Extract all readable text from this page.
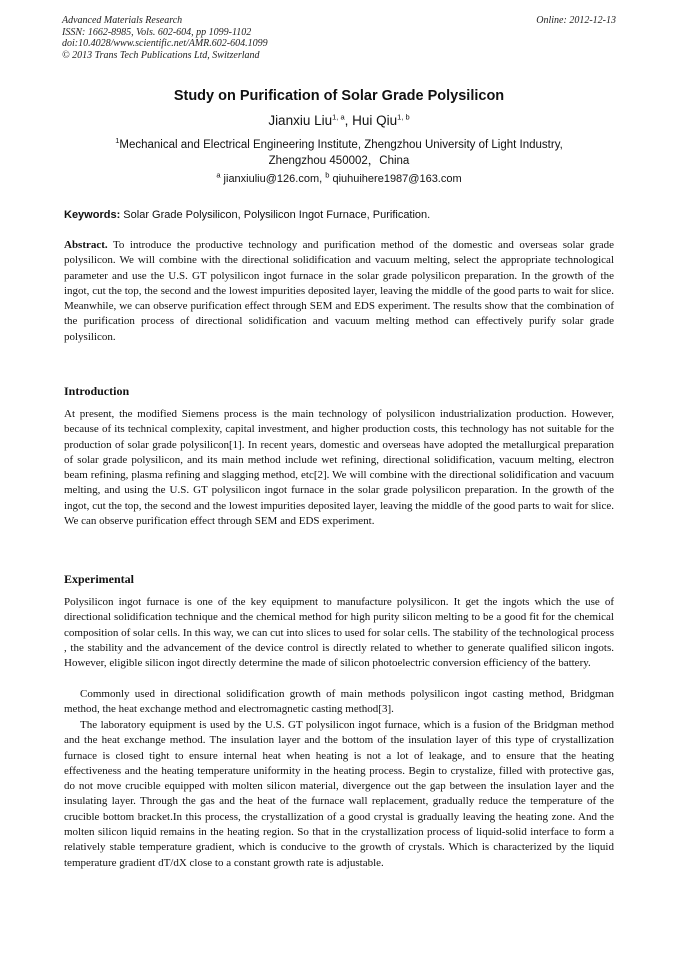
Advanced Materials Research
ISSN: 1662-8985, Vols. 602-604, pp 1099-1102
doi:10.4028/www.scientific.net/AMR.602-604.1099
© 2013 Trans Tech Publications Ltd, Switzerland
Online: 2012-12-13
Study on Purification of Solar Grade Polysilicon
Jianxiu Liu$^{1, a}$, Hui Qiu$^{1, b}$
$^1$Mechanical and Electrical Engineering Institute, Zhengzhou University of Light Industry,
Zhengzhou 450002，China
$^a$ jianxiuliu@126.com, $^b$ qiuhuihere1987@163.com
Keywords: Solar Grade Polysilicon, Polysilicon Ingot Furnace, Purification.
Abstract. To introduce the productive technology and purification method of the domestic and overseas solar grade polysilicon. We will combine with the directional solidification and vacuum melting, select the appropriate technological parameter and use the U.S. GT polysilicon ingot furnace in the solar grade polysilicon preparation. In the growth of the ingot, cut the top, the second and the lowest impurities deposited layer, leaving the middle of the good parts to wait for slice. Meanwhile, we can observe purification effect through SEM and EDS experiment. The results show that the combination of the purification process of directional solidification and vacuum melting method can effectively purify solar grade polysilicon.
Introduction

At present, the modified Siemens process is the main technology of polysilicon industrialization production. However, because of its technical complexity, capital investment, and higher production costs, this technology has not suitable for the production of solar grade polysilicon[1]. In recent years, domestic and overseas have adopted the metallurgical preparation of solar grade polysilicon, and its main method include wet refining, directional solidification, vacuum melting, electron beam refining, plasma refining and slagging method, etc[2]. We will combine with the directional solidification and vacuum melting, and using the U.S. GT polysilicon ingot furnace in the solar grade polysilicon preparation. In the growth of the ingot, cut the top, the second and the lowest impurities deposited layer, leaving the middle of the good parts to wait for slice. We can observe purification effect through SEM and EDS experiment.

Experimental

Polysilicon ingot furnace is one of the key equipment to manufacture polysilicon. It get the ingots which the use of directional solidification technique and the chemical method for high purity silicon melting to be a good fit for the chemical composition of solar cells. In this way, we can cut into slices to used for solar cells. The stability of the technological process , the stability and the advancement of the device control is directly related to whether to generate qualified silicon ingots. However, eligible silicon ingot directly determine the made of silicon photoelectric conversion efficiency of the battery.

Commonly used in directional solidification growth of main methods polysilicon ingot casting method, Bridgman method, the heat exchange method and electromagnetic casting method[3].

The laboratory equipment is used by the U.S. GT polysilicon ingot furnace, which is a fusion of the Bridgman method and the heat exchange method. The insulation layer and the bottom of the insulation layer of this type of crystallization furnace is closed tight to ensure internal heat when heating is not a lot of leakage, and to ensure that the heating effectiveness and the heating temperature uniformity in the heating process. Begin to crystalize, filled with protective gas, do not move crucible equipped with molten silicon material, divergence out the gap between the insulation layer and the insulating layer. Through the gas and the heat of the furnace wall replacement, gradually reduce the temperature of the crucible bottom bracket.In this process, the crystallization of a good crystal is gradually leaving the heating zone. And the molten silicon liquid remains in the heating region. So that in the crystallization process of liquid-solid interface to form a relatively stable temperature gradient, which is conducive to the growth of crystals. Which is characterized by the liquid temperature gradient dT/dX close to a constant growth rate is adjustable.
